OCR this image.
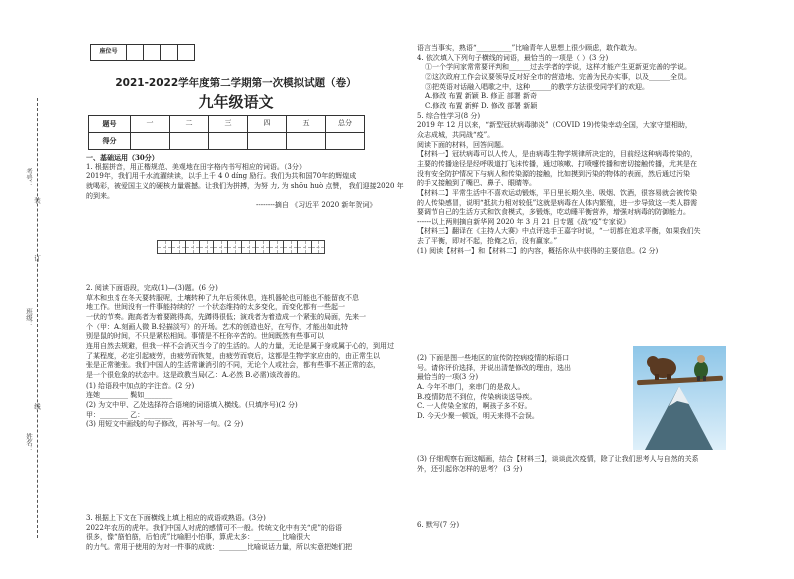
考号：
装
订
班级：
线
姓名：
座位号				
2021-2022学年度第二学期第一次模拟试题（卷）
九年级语文
题号	一	二	三	四	五	总分
得分						

一、基础运用（30分）

1. 根据拼音，用正楷规范、美观地在田字格内书写相应的词语。（3分）

2019年，我们用千水流濯续读，以手上千 4 0 díng 励行。我们为共和国70年的辉煌成

就喝彩，被爱国主义的硬核力量震撼。让我们为拼搏，为努 力, 为 shōu huò 点赞， 我们迎接2020 年

的到来。

--------摘自 《习近平 2020 新年贺词》

2. 阅读下面语段，完成(1)—(3)题。(6 分)

草木和虫豸在冬天要转服呢，土壤转种了九年后须休息，连机器轮也可能也不能留夜不息

地工作。世间没有一件事能持续的？一个状态维持的太多变化，而变化都有一些起一

一伏的节奏。跑高者为着要跳得高，先蹲得很低；演戏者为着造成一个紧张的局面，先来一

个（甲：A.刻画人微 B.轻描淡写）的开场。艺术的创造也好，在写作，才能出如此特

别是鼠的时间，不只是紧松相间。事情是不枉你辛苦的。世间既然有些事可以

连用自然去规避，但我一样不会消灭当今了的生活的。人的力量，无论是属于身或属于心的，到用过

了某程度，必定引起疲劳，由疲劳而恢复，由疲劳而衰后，这都是生物学家应由的，由正常生以

张是正常驰张。我们中国人的生活常谦消引的不同，无论个人或社会，都有些事不甚正常的态，

是一个很危象的状态中。这是政教当局(乙：A.必然 B.必需)该改善的。

(1) 给语段中加点的字注音。(2 分)

连她________ 鬓如________

(2) 为文中甲、乙处选择符合语境的词语填入横线。(只填序号)(2 分)

甲：________ 乙：________

(3) 用短文中画线的句子修改，再补写一句。(2 分)

3. 根据上下文在下面横线上填上相应的成语或熟语。(3分)

2022年农历的虎年。我们中国人对虎的感情可不一般。传统文化中有关“虎”的俗语

很多，像“筋怕筋，后怕虎”比喻胆小怕事，算虎太多：________比喻很大

的力气。常用于使用的为对一件事的成就：________比喻说话力量，所以实意把她们把

语言当事实，熟语“__________”比喻青年人思想上很少顾虑，敢作敢为。

4. 依次填入下列句子横线的词语，最恰当的一项是（ ）(3 分)

①一个学问家常常要评判和______过去学者的学说，这样才能产生更新更完善的学说。

②这次政府工作会议要领导反对好全市的营造地、完善为民办实事，以及______全员。

③把英语对话融入唱歌之中，这种______的教学方法很受同学们的欢迎。

A.修改 布置 新颖 B. 修正 部署 新奇

C.修改 布置 新鲜 D. 修改 部署 新颖

5. 综合性学习(8 分)

2019 年 12 月以来，“新型冠状病毒肺炎”（COVID 19)传染幸动全国，大家守望相助，

众志成城，共同战“疫”。

阅读下面的材料，回答问题。

【材料一】冠状病毒可以人传人，是由病毒生物学规律所决定的，目前经这种病毒传染的，

主要的传播途径是经呼吸道打飞沫传播，通过咳嗽、打喷嚏传播和密切接触传播，尤其是在

没有安全防护情况下与病人和传染源的接触，比如摸到污染的物体的表面，然后通过污染

的手又接触到了嘴巴、鼻子、眼睛等。

【材料二】平常生活中不喜欢运动锻炼，平日里长期久坐、吸烟、饮酒，很容易就会被传染

的人传染感冒，说明“抵抗力相对较低”这就是病毒在人体内繁殖，进一步导致这一类人群需

要调节自己的生活方式和饮食模式，多锻炼，吃动睡平衡营养，增强对病毒的防御能力。

------以上两则摘自新华网 2020 年 3 月 21 日专题《战“疫”专家说》

【材料三】翻译在《主持人大赛》中点评选手王嘉字时说，“一切都在追求平衡，如果我们失

去了平衡，即对不起，抢俺之后，没有赢家。”

(1) 阅读【材料一】和【材料二】的内容，概括你从中获得的主要信息。(2 分)

(2) 下面是图一些地区的宣传防控病疫情的标语口

号。请你评价选择，并说出清楚修改的理由，选出

最恰当的一项(3 分)

A. 今年不串门，来串门的是敌人。

B.疫情防范不到位，传染病谈送导疾。

C. 一人传染全家的，啊孩子多不好。

D. 今天少聚一顿饭，明天来得不会误。

(3) 仔细观察右面这幅画，结合【材料三】，谈谈此次疫情，除了让我们思考人与自然的关系

外，还引起你怎样的思考？ (3 分)

6. 默写(7 分)
